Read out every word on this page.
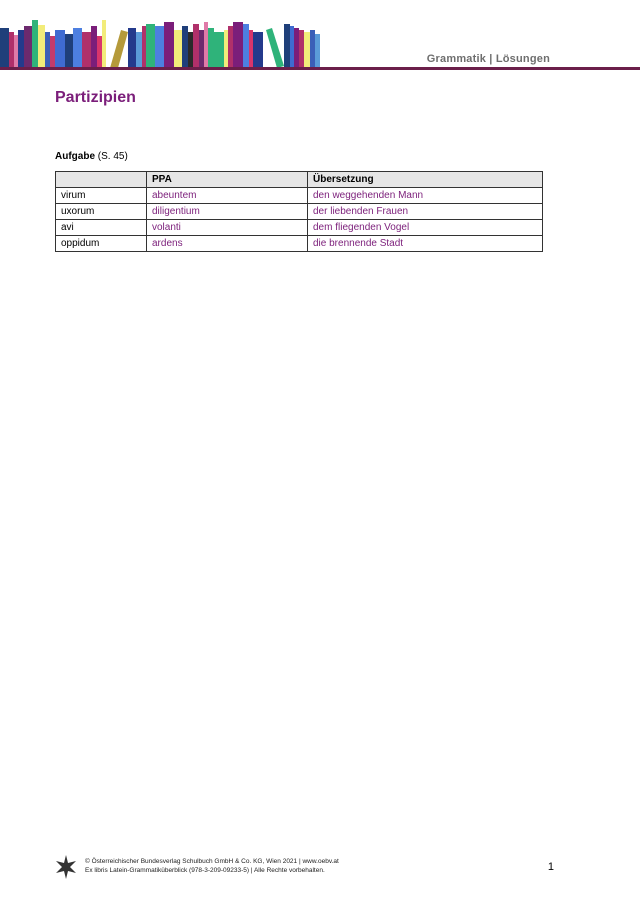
Grammatik | Lösungen
Partizipien
Aufgabe (S. 45)
	PPA	Übersetzung
virum	abeuntem	den weggehenden Mann
uxorum	diligentium	der liebenden Frauen
avi	volanti	dem fliegenden Vogel
oppidum	ardens	die brennende Stadt
© Österreichischer Bundesverlag Schulbuch GmbH & Co. KG, Wien 2021 | www.oebv.at
Ex libris Latein-Grammatiküberblick (978-3-209-09233-5) | Alle Rechte vorbehalten.	1
